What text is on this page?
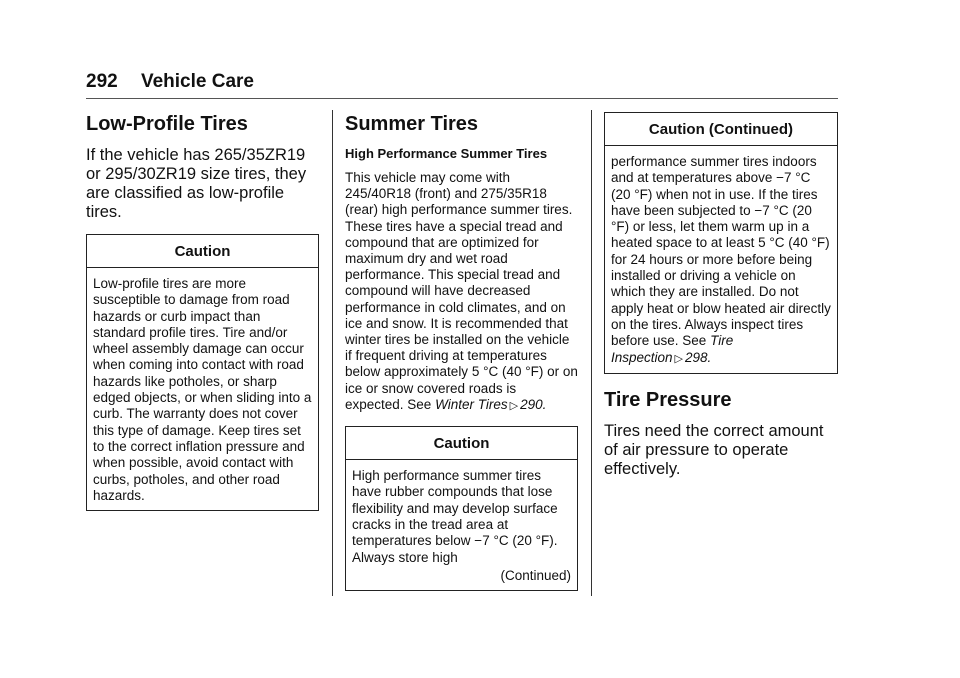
292 Vehicle Care
Low-Profile Tires

If the vehicle has 265/35ZR19 or 295/30ZR19 size tires, they are classified as low-profile tires.

Caution
Low-profile tires are more susceptible to damage from road hazards or curb impact than standard profile tires. Tire and/or wheel assembly damage can occur when coming into contact with road hazards like potholes, or sharp edged objects, or when sliding into a curb. The warranty does not cover this type of damage. Keep tires set to the correct inflation pressure and when possible, avoid contact with curbs, potholes, and other road hazards.
Summer Tires
High Performance Summer Tires

This vehicle may come with 245/40R18 (front) and 275/35R18 (rear) high performance summer tires. These tires have a special tread and compound that are optimized for maximum dry and wet road performance. This special tread and compound will have decreased performance in cold climates, and on ice and snow. It is recommended that winter tires be installed on the vehicle if frequent driving at temperatures below approximately 5 °C (40 °F) or on ice or snow covered roads is expected. See Winter Tires ▷ 290.

Caution
High performance summer tires have rubber compounds that lose flexibility and may develop surface cracks in the tread area at temperatures below −7 °C (20 °F). Always store high
(Continued)
Caution (Continued)
performance summer tires indoors and at temperatures above −7 °C (20 °F) when not in use. If the tires have been subjected to −7 °C (20 °F) or less, let them warm up in a heated space to at least 5 °C (40 °F) for 24 hours or more before being installed or driving a vehicle on which they are installed. Do not apply heat or blow heated air directly on the tires. Always inspect tires before use. See Tire Inspection ▷ 298.
Tire Pressure

Tires need the correct amount of air pressure to operate effectively.
